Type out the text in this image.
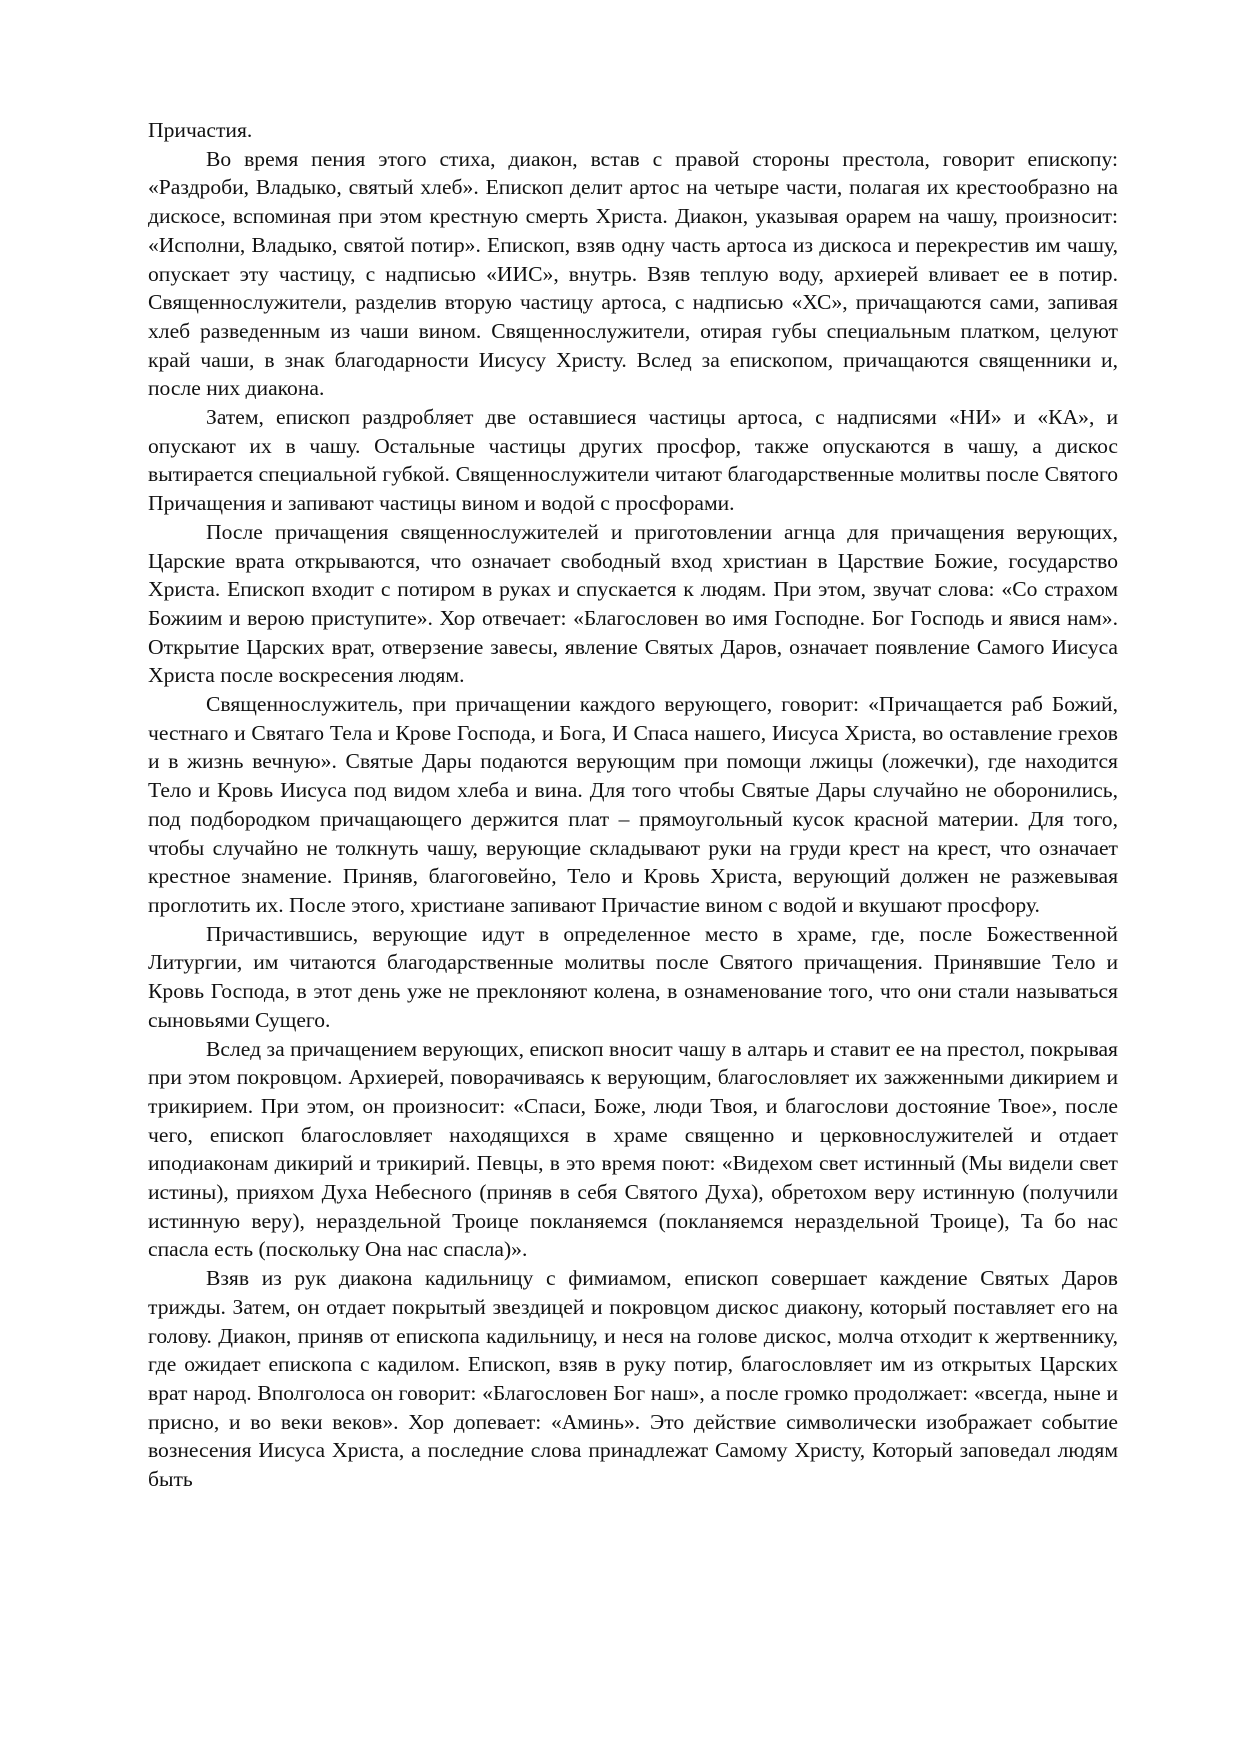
Причастия.

Во время пения этого стиха, диакон, встав с правой стороны престола, говорит епископу: «Раздроби, Владыко, святый хлеб». Епископ делит артос на четыре части, полагая их крестообразно на дискосе, вспоминая при этом крестную смерть Христа. Диакон, указывая орарем на чашу, произносит: «Исполни, Владыко, святой потир». Епископ, взяв одну часть артоса из дискоса и перекрестив им чашу, опускает эту частицу, с надписью «ИИС», внутрь. Взяв теплую воду, архиерей вливает ее в потир. Священнослужители, разделив вторую частицу артоса, с надписью «ХС», причащаются сами, запивая хлеб разведенным из чаши вином. Священнослужители, отирая губы специальным платком, целуют край чаши, в знак благодарности Иисусу Христу. Вслед за епископом, причащаются священники и, после них диакона.

Затем, епископ раздробляет две оставшиеся частицы артоса, с надписями «НИ» и «КА», и опускают их в чашу. Остальные частицы других просфор, также опускаются в чашу, а дискос вытирается специальной губкой. Священнослужители читают благодарственные молитвы после Святого Причащения и запивают частицы вином и водой с просфорами.

После причащения священнослужителей и приготовлении агнца для причащения верующих, Царские врата открываются, что означает свободный вход христиан в Царствие Божие, государство Христа. Епископ входит с потиром в руках и спускается к людям. При этом, звучат слова: «Со страхом Божиим и верою приступите». Хор отвечает: «Благословен во имя Господне. Бог Господь и явися нам». Открытие Царских врат, отверзение завесы, явление Святых Даров, означает появление Самого Иисуса Христа после воскресения людям.

Священнослужитель, при причащении каждого верующего, говорит: «Причащается раб Божий, честнаго и Святаго Тела и Крове Господа, и Бога, И Спаса нашего, Иисуса Христа, во оставление грехов и в жизнь вечную». Святые Дары подаются верующим при помощи лжицы (ложечки), где находится Тело и Кровь Иисуса под видом хлеба и вина. Для того чтобы Святые Дары случайно не оборонились, под подбородком причащающего держится плат – прямоугольный кусок красной материи. Для того, чтобы случайно не толкнуть чашу, верующие складывают руки на груди крест на крест, что означает крестное знамение. Приняв, благоговейно, Тело и Кровь Христа, верующий должен не разжевывая проглотить их. После этого, христиане запивают Причастие вином с водой и вкушают просфору.

Причастившись, верующие идут в определенное место в храме, где, после Божественной Литургии, им читаются благодарственные молитвы после Святого причащения. Принявшие Тело и Кровь Господа, в этот день уже не преклоняют колена, в ознаменование того, что они стали называться сыновьями Сущего.

Вслед за причащением верующих, епископ вносит чашу в алтарь и ставит ее на престол, покрывая при этом покровцом. Архиерей, поворачиваясь к верующим, благословляет их зажженными дикирием и трикирием. При этом, он произносит: «Спаси, Боже, люди Твоя, и благослови достояние Твое», после чего, епископ благословляет находящихся в храме священно и церковнослужителей и отдает иподиаконам дикирий и трикирий. Певцы, в это время поют: «Видехом свет истинный (Мы видели свет истины), прияхом Духа Небесного (приняв в себя Святого Духа), обретохом веру истинную (получили истинную веру), нераздельной Троице покланяемся (покланяемся нераздельной Троице), Та бо нас спасла есть (поскольку Она нас спасла)».

Взяв из рук диакона кадильницу с фимиамом, епископ совершает каждение Святых Даров трижды. Затем, он отдает покрытый звездицей и покровцом дискос диакону, который поставляет его на голову. Диакон, приняв от епископа кадильницу, и неся на голове дискос, молча отходит к жертвеннику, где ожидает епископа с кадилом. Епископ, взяв в руку потир, благословляет им из открытых Царских врат народ. Вполголоса он говорит: «Благословен Бог наш», а после громко продолжает: «всегда, ныне и присно, и во веки веков». Хор допевает: «Аминь». Это действие символически изображает событие вознесения Иисуса Христа, а последние слова принадлежат Самому Христу, Который заповедал людям быть
